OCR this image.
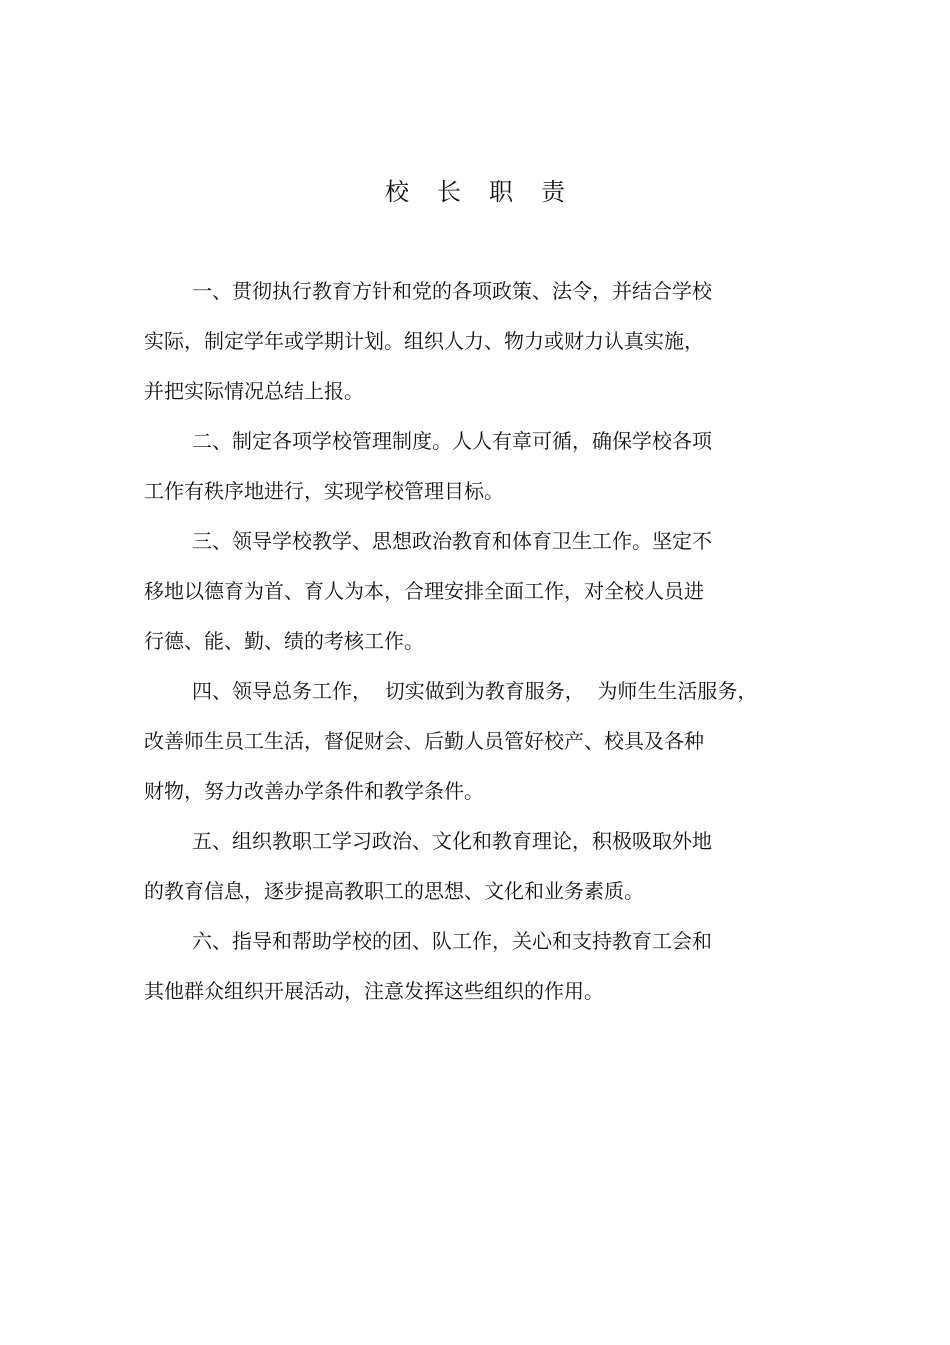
校 长 职 责
一、贯彻执行教育方针和党的各项政策、法令，并结合学校
实际，制定学年或学期计划。组织人力、物力或财力认真实施，
并把实际情况总结上报。
二、制定各项学校管理制度。人人有章可循，确保学校各项
工作有秩序地进行，实现学校管理目标。
三、领导学校教学、思想政治教育和体育卫生工作。坚定不
移地以德育为首、育人为本，合理安排全面工作，对全校人员进
行德、能、勤、绩的考核工作。
四、领导总务工作，  切实做到为教育服务，  为师生生活服务，
改善师生员工生活，督促财会、后勤人员管好校产、校具及各种
财物，努力改善办学条件和教学条件。
五、组织教职工学习政治、文化和教育理论，积极吸取外地
的教育信息，逐步提高教职工的思想、文化和业务素质。
六、指导和帮助学校的团、队工作，关心和支持教育工会和
其他群众组织开展活动，注意发挥这些组织的作用。
